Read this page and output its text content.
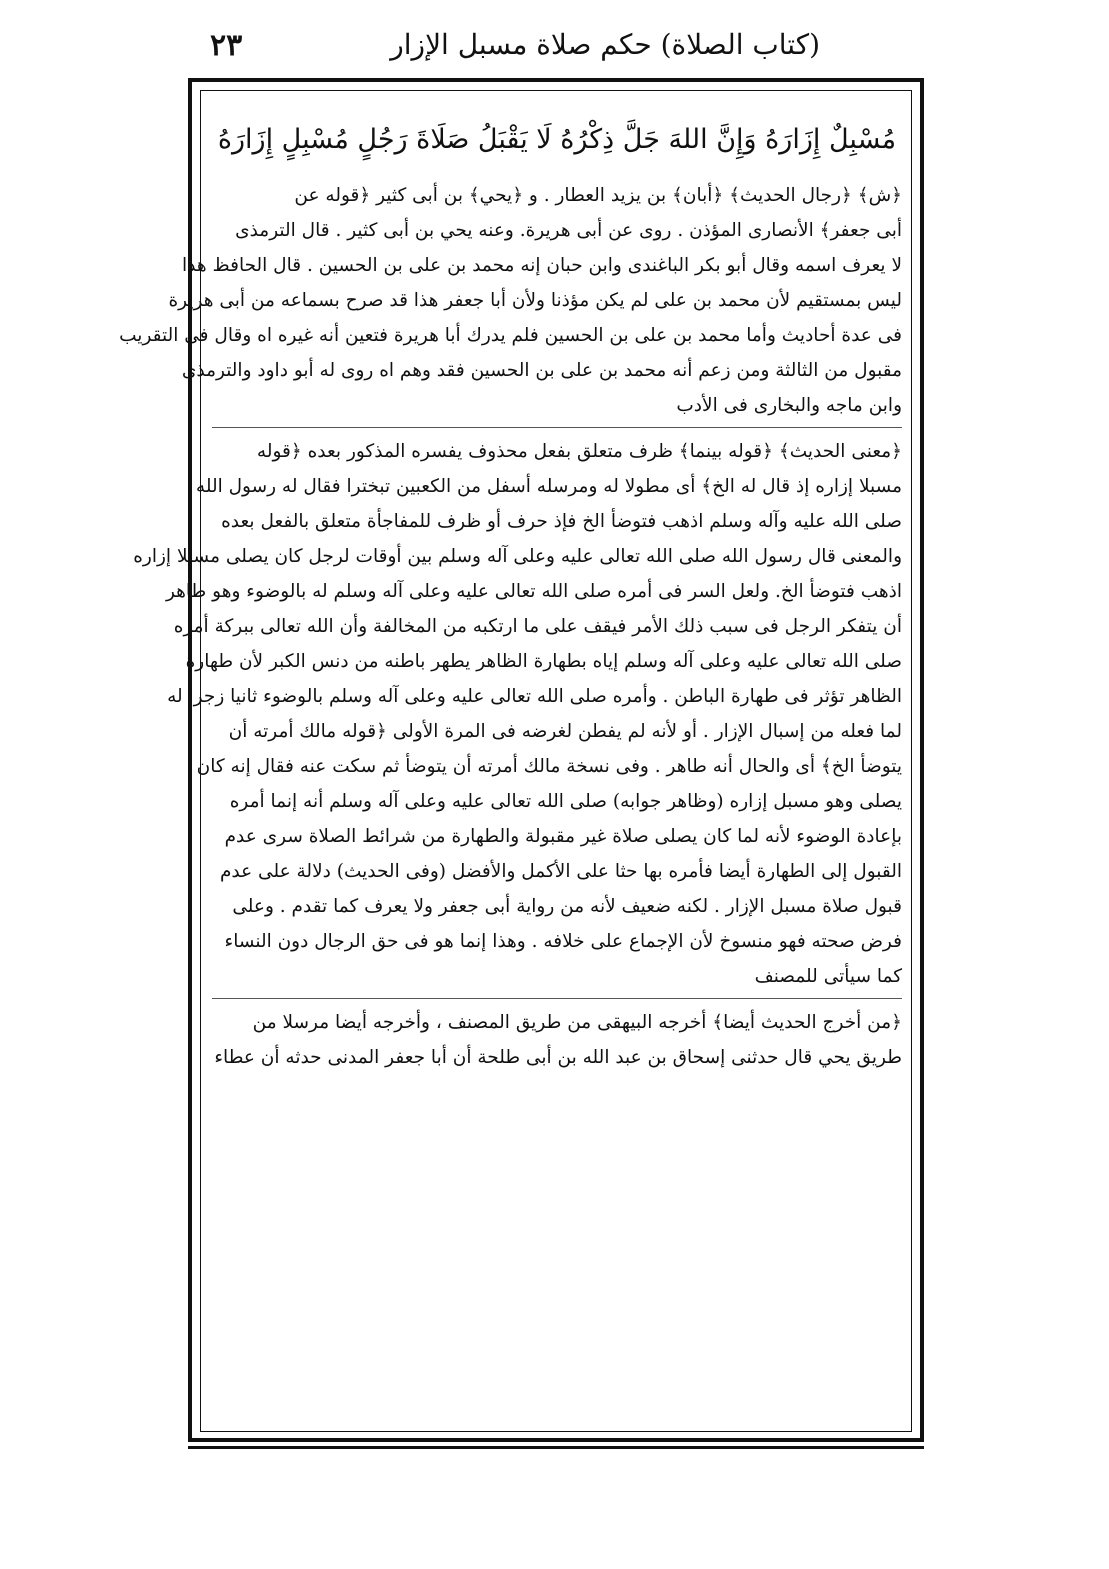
(كتاب الصلاة) حكم صلاة مسبل الإزار
٢٣
مُسْبِلٌ إِزَارَهُ وَإِنَّ اللهَ جَلَّ ذِكْرُهُ لَا يَقْبَلُ صَلَاةَ رَجُلٍ مُسْبِلٍ إِزَارَهُ
﴿ش﴾ ﴿رجال الحديث﴾ ﴿أبان﴾ بن يزيد العطار . و ﴿يحي﴾ بن أبى كثير ﴿قوله عن
أبى جعفر﴾ الأنصارى المؤذن . روى عن أبى هريرة. وعنه يحي بن أبى كثير . قال الترمذى
لا يعرف اسمه وقال أبو بكر الباغندى وابن حبان إنه محمد بن على بن الحسين . قال الحافظ هذا
ليس بمستقيم لأن محمد بن على لم يكن مؤذنا ولأن أبا جعفر هذا قد صرح بسماعه من أبى هريرة
فى عدة أحاديث وأما محمد بن على بن الحسين فلم يدرك أبا هريرة فتعين أنه غيره اه وقال فى التقريب
مقبول من الثالثة ومن زعم أنه محمد بن على بن الحسين فقد وهم اه روى له أبو داود والترمذى
وابن ماجه والبخارى فى الأدب
﴿معنى الحديث﴾ ﴿قوله بينما﴾ ظرف متعلق بفعل محذوف يفسره المذكور بعده ﴿قوله
مسبلا إزاره إذ قال له الخ﴾ أى مطولا له ومرسله أسفل من الكعبين تبخترا فقال له رسول الله
صلى الله عليه وآله وسلم اذهب فتوضأ الخ فإذ حرف أو ظرف للمفاجأة متعلق بالفعل بعده
والمعنى قال رسول الله صلى الله تعالى عليه وعلى آله وسلم بين أوقات لرجل كان يصلى مسبلا إزاره
اذهب فتوضأ الخ. ولعل السر فى أمره صلى الله تعالى عليه وعلى آله وسلم له بالوضوء وهو طاهر
أن يتفكر الرجل فى سبب ذلك الأمر فيقف على ما ارتكبه من المخالفة وأن الله تعالى ببركة أمره
صلى الله تعالى عليه وعلى آله وسلم إياه بطهارة الظاهر يطهر باطنه من دنس الكبر لأن طهارة
الظاهر تؤثر فى طهارة الباطن . وأمره صلى الله تعالى عليه وعلى آله وسلم بالوضوء ثانيا زجرا له
لما فعله من إسبال الإزار . أو لأنه لم يفطن لغرضه فى المرة الأولى ﴿قوله مالك أمرته أن
يتوضأ الخ﴾ أى والحال أنه طاهر . وفى نسخة مالك أمرته أن يتوضأ ثم سكت عنه فقال إنه كان
يصلى وهو مسبل إزاره (وظاهر جوابه) صلى الله تعالى عليه وعلى آله وسلم أنه إنما أمره
بإعادة الوضوء لأنه لما كان يصلى صلاة غير مقبولة والطهارة من شرائط الصلاة سرى عدم
القبول إلى الطهارة أيضا فأمره بها حثا على الأكمل والأفضل (وفى الحديث) دلالة على عدم
قبول صلاة مسبل الإزار . لكنه ضعيف لأنه من رواية أبى جعفر ولا يعرف كما تقدم . وعلى
فرض صحته فهو منسوخ لأن الإجماع على خلافه . وهذا إنما هو فى حق الرجال دون النساء
كما سيأتى للمصنف
﴿من أخرج الحديث أيضا﴾ أخرجه البيهقى من طريق المصنف ، وأخرجه أيضا مرسلا من
طريق يحي قال حدثنى إسحاق بن عبد الله بن أبى طلحة أن أبا جعفر المدنى حدثه أن عطاء
